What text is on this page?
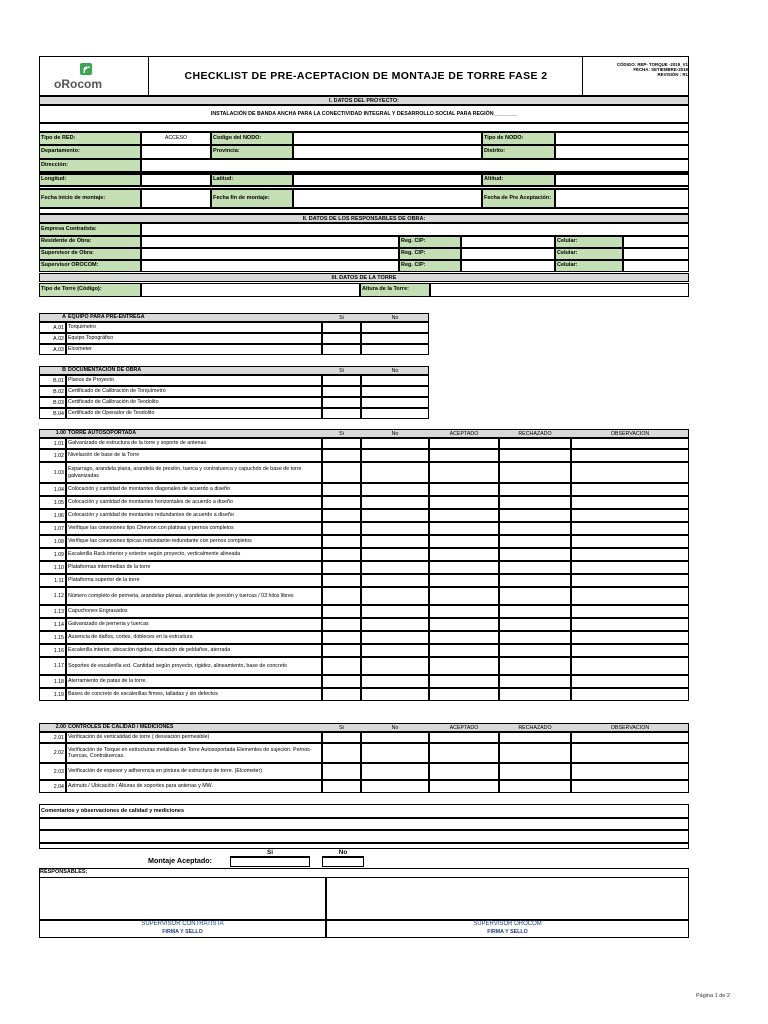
oRocom
CHECKLIST DE PRE-ACEPTACION DE MONTAJE DE TORRE FASE 2
CÓDIGO: REP- TORQUE -2019_V1
FECHA: SETIEMBRE-2019
REVISIÓN : R1
I. DATOS DEL PROYECTO:
INSTALACIÓN DE BANDA ANCHA PARA LA CONECTIVIDAD INTEGRAL Y DESARROLLO SOCIAL PARA REGIÓN________
Tipo de RED:	ACCESO	Codigo del NODO:	Tipo de NODO:
Departamento:	Provincia:	Distrito:
Dirección:
Longitud:	Latitud:	Altitud:
Fecha inicio de montaje:	Fecha fin de montaje:	Fecha de Pre Aceptación:
II. DATOS DE LOS RESPONSABLES DE OBRA:
Empresa Contratista:
Residente de Obra:	Reg. CIP:	Celular:
Supervisor de Obra:	Reg. CIP:	Celular:
Supervisor OROCOM:	Reg. CIP:	Celular:
III. DATOS DE LA TORRE
Tipo de Torre (Código):	Altura de la Torre:
A EQUIPO PARA PRE-ENTREGA	Si	No
A.01 Torquimetro
A.02 Equipo Topográfico
A.03 Elcometer
B DOCUMENTACION DE OBRA	Si	No
B.01 Planos de Proyecto
B.02 Certificado de Calibración de Torquímetro
B.03 Certificado de Calibración de Teodolito
B.04 Certificado de Operador de Teodolito
1.00 TORRE AUTOSOPORTADA	Si	No	ACEPTADO	RECHAZADO	OBSERVACION
1.01 Galvanizado de estructura de la torre y soporte de antenas
1.02 Nivelación de base de la Torre
1.03
Esparrago, arandela plana, arandela de presión, tuerca y contratuerca y capuchón de base de torre galvanizadas
1.04 Colocación y cantidad de montantes diagonales de acuerdo a diseño
1.05 Colocación y cantidad de montantes horizontales de acuerdo a diseño
1.06 Colocación y cantidad de montantes redundantes de acuerdo a diseño
1.07 Verifique las conexiones tipo Chevron con platinas y pernos completos
1.08 Verifique las conexiones tipicas redundante-redundante con pernos completos
1.09 Escalerilla Rack interior y exterior según proyecto, verticalmente alineada
1.10 Plataformas intermedias de la torre
1.11 Plataforma superior de la torre
1.12 Número completo de perneria, arandelas planas, arandelas de presión y tuercas / 03 hilos libres
1.13 Capuchones Engrasados
1.14 Galvanizado de perneria y tuercas
1.15 Ausencia de daños, cortes, dobleces en la estructura
1.16 Escalerilla interior, ubicación rigidez, ubicación de peldaños, aterrada
1.17 Soportes de escalerilla ext. Cantidad según proyecto, rigidez, alineamiento, base de concreto
1.18 Aterramiento de patas de la torre.
1.19 Bases de concreto de escalerillas firmes, talladas y sin defectos
2.00 CONTROLES DE CALIDAD / MEDICIONES	Si	No	ACEPTADO	RECHAZADO	OBSERVACION
2.01 Verificación de verticalidad de torre ( desviación permesible)
2.02
Verificación de Torque en estructuras metálicas de Torre Autosoportada Elementos de sujeción: Pernos-Tuercas, Contratuercas.
2.03 Verificación de espesor y adherencia en pintura de estructura de torre. (Elcometer)
2.04 Azimuts / Ubicación / Alturas de soportes para antenas y MW.
Comentarios y observaciones de calidad y mediciones
Montaje Aceptado:
Si	No
RESPONSABLES:
SUPERVISOR CONTRATISTA
FIRMA Y SELLO
SUPERVISOR OROCOM
FIRMA Y SELLO
Página 1 de 2
